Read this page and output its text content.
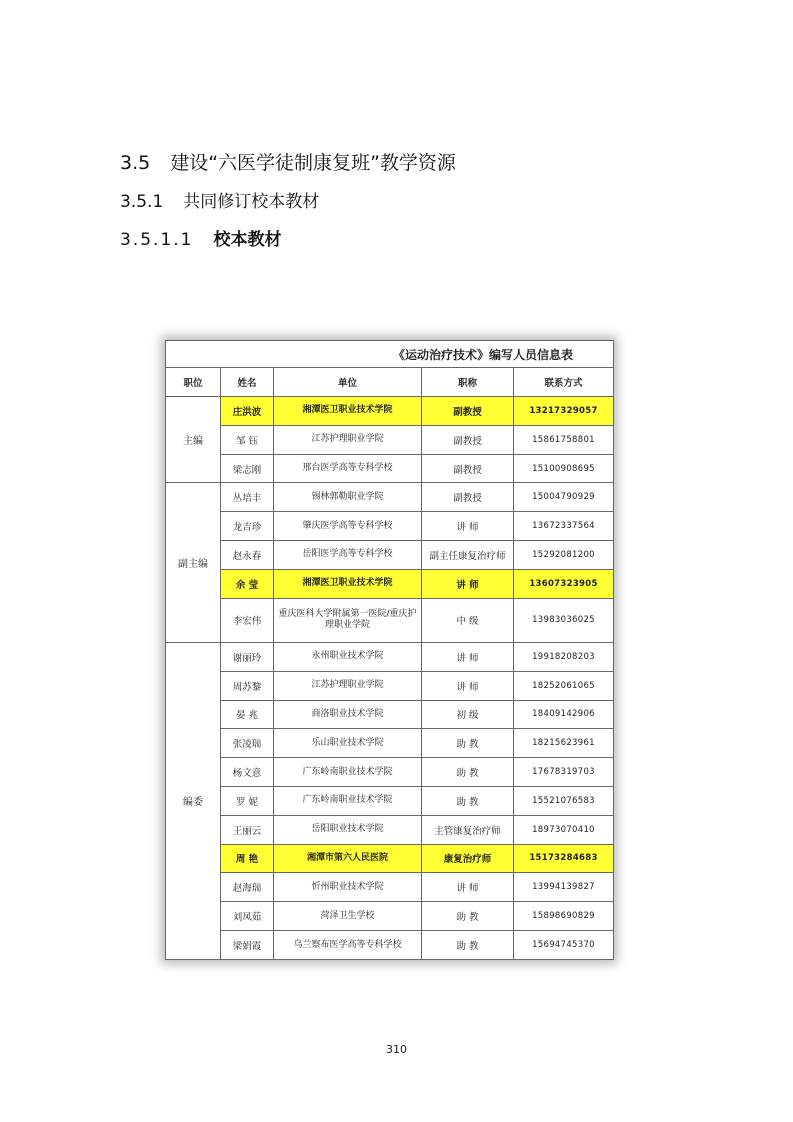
3.5 建设“六医学徒制康复班”教学资源
3.5.1 共同修订校本教材
3.5.1.1 校本教材
《运动治疗技术》编写人员信息表				
职位	姓名	单位	职称	联系方式
主编	庄洪波	湘潭医卫职业技术学院	副教授	13217329057
	邹 钰	江苏护理职业学院	副教授	15861758801
	梁志刚	邢台医学高等专科学校	副教授	15100908695
副主编	丛培丰	锡林郭勒职业学院	副教授	15004790929
	龙吉珍	肇庆医学高等专科学校	讲 师	13672337564
	赵永春	岳阳医学高等专科学校	副主任康复治疗师	15292081200
	余 莹	湘潭医卫职业技术学院	讲 师	13607323905
	李宏伟	重庆医科大学附属第一医院/重庆护理职业学院	中 级	13983036025
编委	谢丽玲	永州职业技术学院	讲 师	19918208203
	周苏黎	江苏护理职业学院	讲 师	18252061065
	晏 兆	商洛职业技术学院	初 级	18409142906
	张凌瑞	乐山职业技术学院	助 教	18215623961
	杨文意	广东岭南职业技术学院	助 教	17678319703
	罗 妮	广东岭南职业技术学院	助 教	15521076583
	王丽云	岳阳职业技术学院	主管康复治疗师	18973070410
	周 艳	湘潭市第六人民医院	康复治疗师	15173284683
	赵海瑞	忻州职业技术学院	讲 师	13994139827
	刘凤茹	菏泽卫生学校	助 教	15898690829
	梁娟霞	乌兰察布医学高等专科学校	助 教	15694745370
310
